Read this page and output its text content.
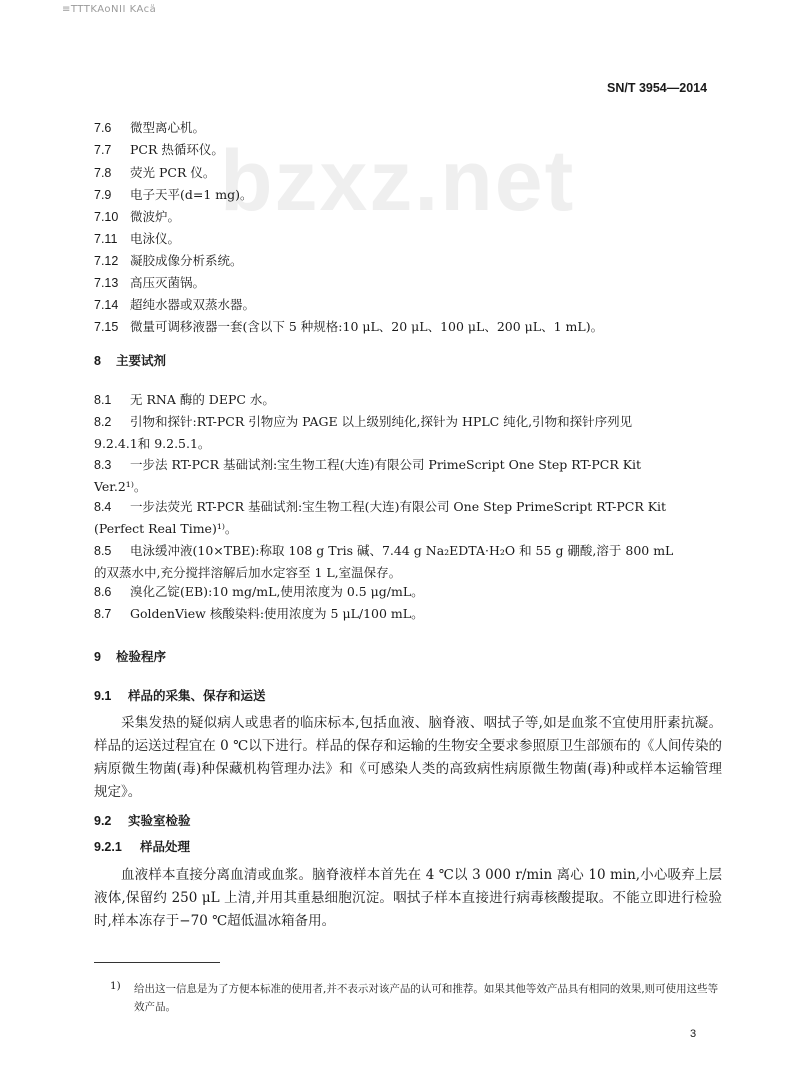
≡TTTKAoNII KAcä
SN/T 3954—2014
bzxz.net
7.6 微型离心机。
7.7 PCR 热循环仪。
7.8 荧光 PCR 仪。
7.9 电子天平(d=1 mg)。
7.10 微波炉。
7.11 电泳仪。
7.12 凝胶成像分析系统。
7.13 高压灭菌锅。
7.14 超纯水器或双蒸水器。
7.15 微量可调移液器一套(含以下 5 种规格:10 μL、20 μL、100 μL、200 μL、1 mL)。
8 主要试剂
8.1 无 RNA 酶的 DEPC 水。
8.2 引物和探针:RT-PCR 引物应为 PAGE 以上级别纯化,探针为 HPLC 纯化,引物和探针序列见
9.2.4.1和 9.2.5.1。
8.3 一步法 RT-PCR 基础试剂:宝生物工程(大连)有限公司 PrimeScript One Step RT-PCR Kit
Ver.2¹⁾。
8.4 一步法荧光 RT-PCR 基础试剂:宝生物工程(大连)有限公司 One Step PrimeScript RT-PCR Kit
(Perfect Real Time)¹⁾。
8.5 电泳缓冲液(10×TBE):称取 108 g Tris 碱、7.44 g Na₂EDTA·H₂O 和 55 g 硼酸,溶于 800 mL
的双蒸水中,充分搅拌溶解后加水定容至 1 L,室温保存。
8.6 溴化乙锭(EB):10 mg/mL,使用浓度为 0.5 μg/mL。
8.7 GoldenView 核酸染料:使用浓度为 5 μL/100 mL。
9 检验程序
9.1 样品的采集、保存和运送
采集发热的疑似病人或患者的临床标本,包括血液、脑脊液、咽拭子等,如是血浆不宜使用肝素抗凝。样品的运送过程宜在 0 ℃以下进行。样品的保存和运输的生物安全要求参照原卫生部颁布的《人间传染的病原微生物菌(毒)种保藏机构管理办法》和《可感染人类的高致病性病原微生物菌(毒)种或样本运输管理规定》。
9.2 实验室检验
9.2.1 样品处理
血液样本直接分离血清或血浆。脑脊液样本首先在 4 ℃以 3 000 r/min 离心 10 min,小心吸弃上层液体,保留约 250 μL 上清,并用其重悬细胞沉淀。咽拭子样本直接进行病毒核酸提取。不能立即进行检验时,样本冻存于−70 ℃超低温冰箱备用。
1) 给出这一信息是为了方便本标准的使用者,并不表示对该产品的认可和推荐。如果其他等效产品具有相同的效果,则可使用这些等效产品。
3
